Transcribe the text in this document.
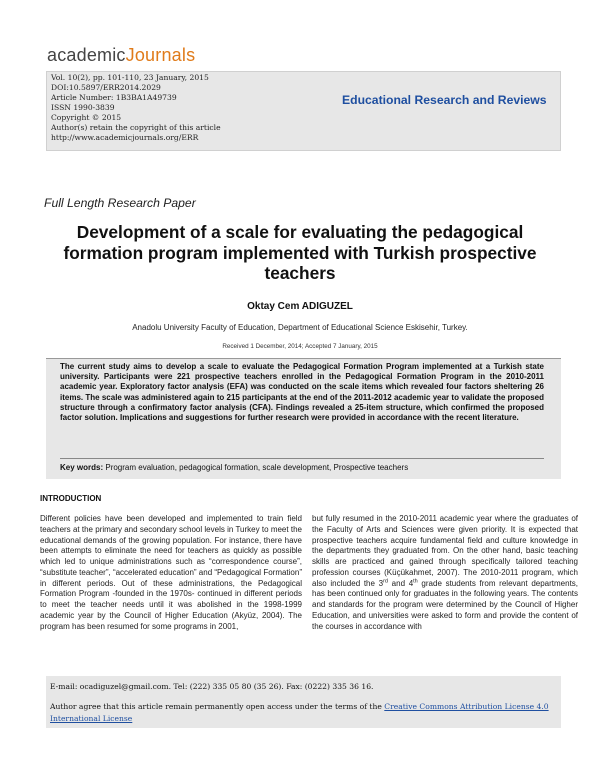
academicJournals
Vol. 10(2), pp. 101-110, 23 January, 2015
DOI:10.5897/ERR2014.2029
Article Number: 1B3BA1A49739
ISSN 1990-3839
Copyright © 2015
Author(s) retain the copyright of this article
http://www.academicjournals.org/ERR
Educational Research and Reviews
Full Length Research Paper
Development of a scale for evaluating the pedagogical formation program implemented with Turkish prospective teachers
Oktay Cem ADIGUZEL
Anadolu University Faculty of Education, Department of Educational Science Eskisehir, Turkey.
Received 1 December, 2014; Accepted 7 January, 2015
The current study aims to develop a scale to evaluate the Pedagogical Formation Program implemented at a Turkish state university. Participants were 221 prospective teachers enrolled in the Pedagogical Formation Program in the 2010-2011 academic year. Exploratory factor analysis (EFA) was conducted on the scale items which revealed four factors sheltering 26 items. The scale was administered again to 215 participants at the end of the 2011-2012 academic year to validate the proposed structure through a confirmatory factor analysis (CFA). Findings revealed a 25-item structure, which confirmed the proposed factor solution. Implications and suggestions for further research were provided in accordance with the recent literature.
Key words: Program evaluation, pedagogical formation, scale development, Prospective teachers
INTRODUCTION
Different policies have been developed and implemented to train field teachers at the primary and secondary school levels in Turkey to meet the educational demands of the growing population. For instance, there have been attempts to eliminate the need for teachers as quickly as possible which led to unique administrations such as “correspondence course”, “substitute teacher”, “accelerated education” and “Pedagogical Formation” in different periods. Out of these administrations, the Pedagogical Formation Program -founded in the 1970s- continued in different periods to meet the teacher needs until it was abolished in the 1998-1999 academic year by the Council of Higher Education (Akyüz, 2004). The program has been resumed for some programs in 2001,
but fully resumed in the 2010-2011 academic year where the graduates of the Faculty of Arts and Sciences were given priority. It is expected that prospective teachers acquire fundamental field and culture knowledge in the departments they graduated from. On the other hand, basic teaching skills are practiced and gained through specifically tailored teaching profession courses (Küçükahmet, 2007). The 2010-2011 program, which also included the 3rd and 4th grade students from relevant departments, has been continued only for graduates in the following years. The contents and standards for the program were determined by the Council of Higher Education, and universities were asked to form and provide the content of the courses in accordance with
E-mail: ocadiguzel@gmail.com. Tel: (222) 335 05 80 (35 26). Fax: (0222) 335 36 16.
Author agree that this article remain permanently open access under the terms of the Creative Commons Attribution License 4.0 International License
